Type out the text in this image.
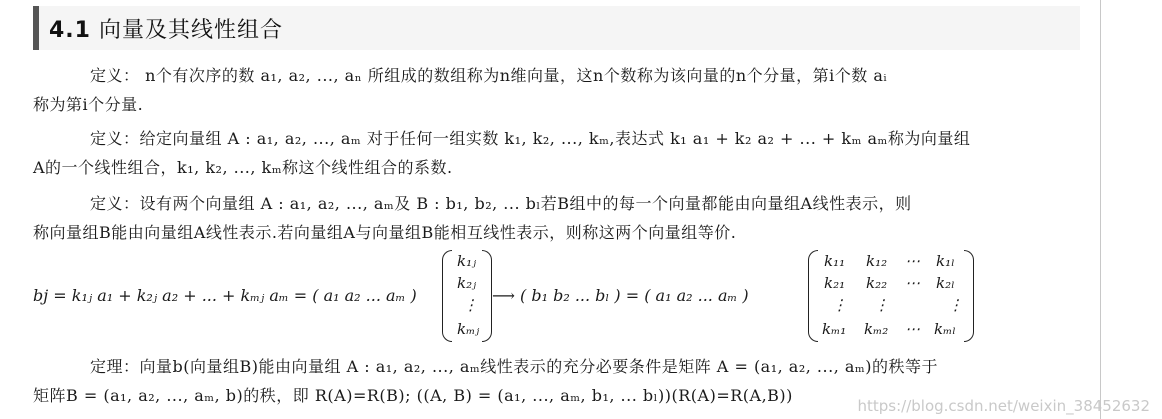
4.1 向量及其线性组合
定义： n个有次序的数 a₁, a₂, ..., aₙ 所组成的数组称为n维向量，这n个数称为该向量的n个分量，第i个数 aᵢ
称为第i个分量.
定义：给定向量组 A : a₁, a₂, ..., aₘ 对于任何一组实数 k₁, k₂, ..., kₘ,表达式 k₁ a₁ + k₂ a₂ + ... + kₘ aₘ称为向量组
A的一个线性组合，k₁, k₂, ..., kₘ称这个线性组合的系数.
定义：设有两个向量组 A : a₁, a₂, ..., aₘ及 B : b₁, b₂, ... bₗ若B组中的每一个向量都能由向量组A线性表示，则
称向量组B能由向量组A线性表示.若向量组A与向量组B能相互线性表示，则称这两个向量组等价.
bj = k₁ⱼ a₁ + k₂ⱼ a₂ + ... + kₘⱼ aₘ = ( a₁ a₂ ... aₘ )
k₁ⱼ
k₂ⱼ
⋮
kₘⱼ
⟶ ( b₁ b₂ ... bₗ ) = ( a₁ a₂ ... aₘ )
k₁₁ k₁₂ ⋯ k₁ₗ
k₂₁ k₂₂ ⋯ k₂ₗ
⋮ ⋮	⋮
kₘ₁ kₘ₂ ⋯ kₘₗ
定理：向量b(向量组B)能由向量组 A : a₁, a₂, ..., aₘ线性表示的充分必要条件是矩阵 A = (a₁, a₂, ..., aₘ)的秩等于
矩阵B = (a₁, a₂, ..., aₘ, b)的秩，即 R(A)=R(B); ((A, B) = (a₁, ..., aₘ, b₁, ... bₗ))(R(A)=R(A,B))
https://blog.csdn.net/weixin_38452632
